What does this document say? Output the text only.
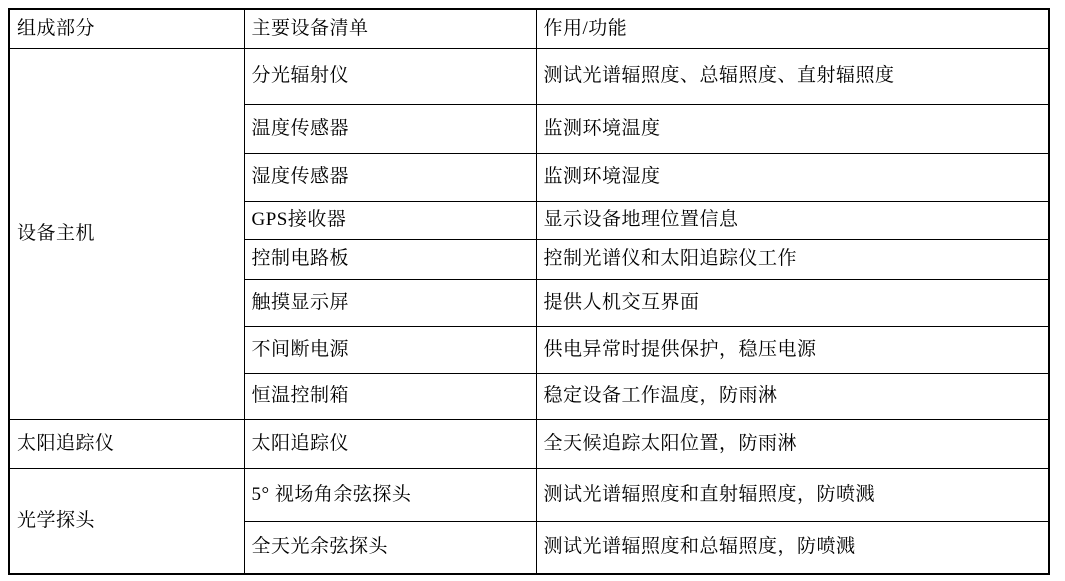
组成部分	主要设备清单	作用/功能
设备主机	分光辐射仪	测试光谱辐照度、总辐照度、直射辐照度
	温度传感器	监测环境温度
	湿度传感器	监测环境湿度
	GPS接收器	显示设备地理位置信息
	控制电路板	控制光谱仪和太阳追踪仪工作
	触摸显示屏	提供人机交互界面
	不间断电源	供电异常时提供保护，稳压电源
	恒温控制箱	稳定设备工作温度，防雨淋
太阳追踪仪	太阳追踪仪	全天候追踪太阳位置，防雨淋
光学探头	5° 视场角余弦探头	测试光谱辐照度和直射辐照度，防喷溅
	全天光余弦探头	测试光谱辐照度和总辐照度，防喷溅
